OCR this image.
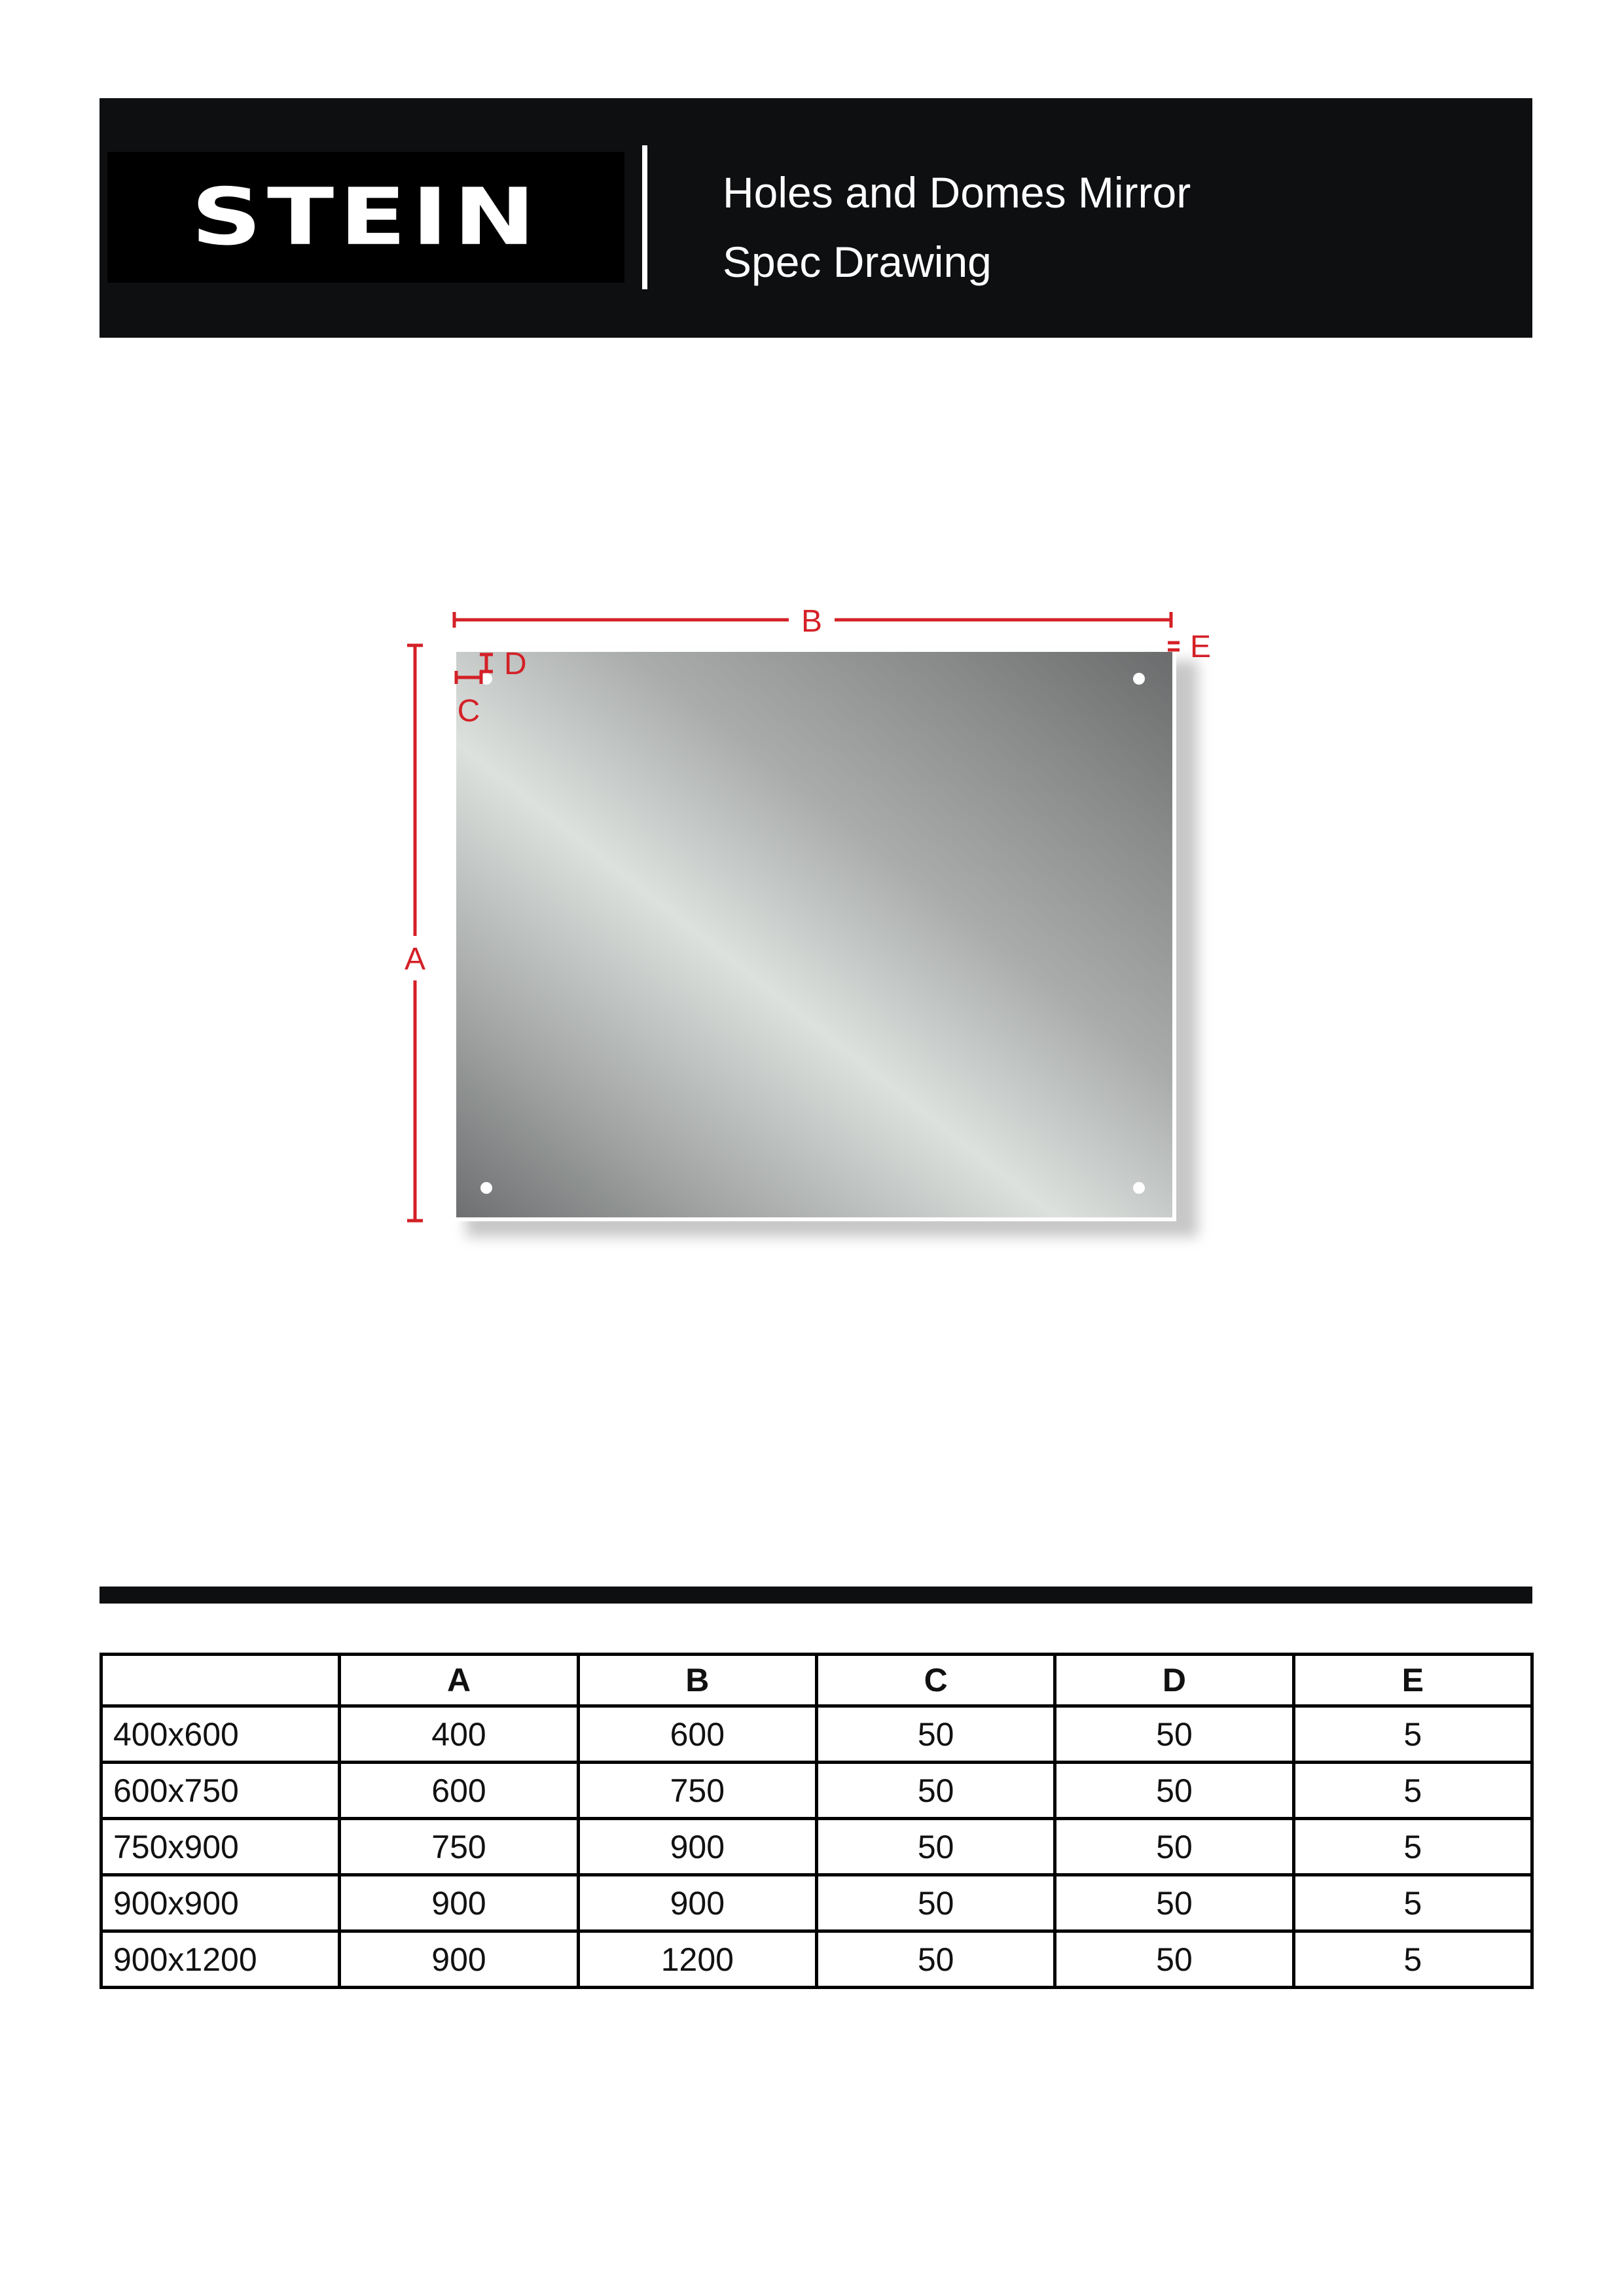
STEIN	Holes and Domes Mirror
Spec Drawing
B
A
C
D	E
	A	B	C	D	E
400x600	400	600	50	50	5
600x750	600	750	50	50	5
750x900	750	900	50	50	5
900x900	900	900	50	50	5
900x1200	900	1200	50	50	5
